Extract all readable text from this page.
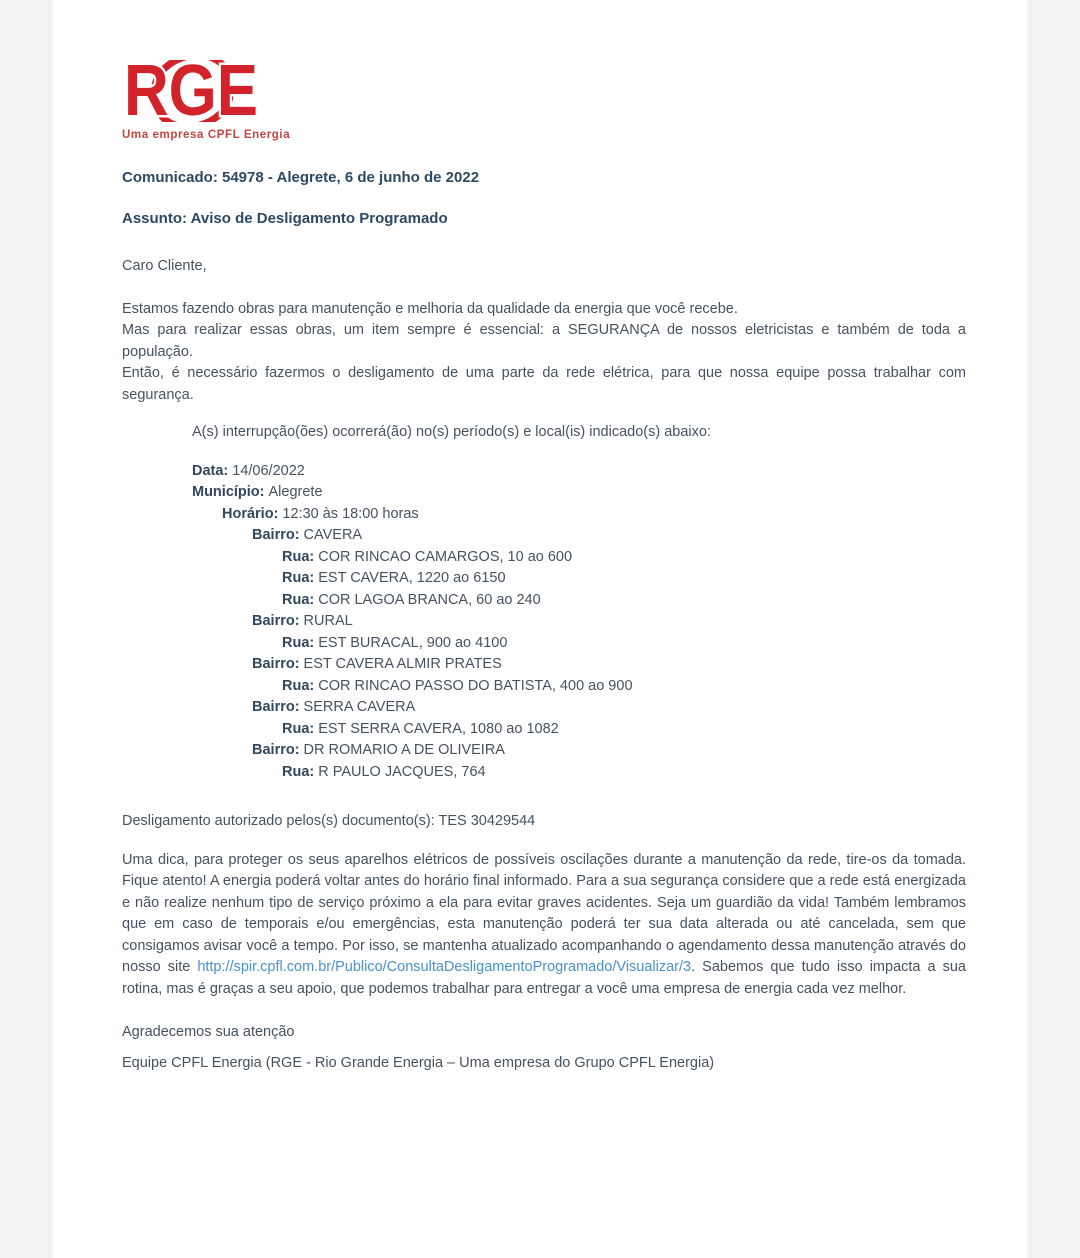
RGE
Uma empresa CPFL Energia

Comunicado: 54978 - Alegrete, 6 de junho de 2022

Assunto: Aviso de Desligamento Programado

Caro Cliente,

Estamos fazendo obras para manutenção e melhoria da qualidade da energia que você recebe.
Mas para realizar essas obras, um item sempre é essencial: a SEGURANÇA de nossos eletricistas e também de toda a população.
Então, é necessário fazermos o desligamento de uma parte da rede elétrica, para que nossa equipe possa trabalhar com segurança.

A(s) interrupção(ões) ocorrerá(ão) no(s) período(s) e local(is) indicado(s) abaixo:

Data: 14/06/2022
Município: Alegrete
Horário: 12:30 às 18:00 horas
Bairro: CAVERA
Rua: COR RINCAO CAMARGOS, 10 ao 600
Rua: EST CAVERA, 1220 ao 6150
Rua: COR LAGOA BRANCA, 60 ao 240
Bairro: RURAL
Rua: EST BURACAL, 900 ao 4100
Bairro: EST CAVERA ALMIR PRATES
Rua: COR RINCAO PASSO DO BATISTA, 400 ao 900
Bairro: SERRA CAVERA
Rua: EST SERRA CAVERA, 1080 ao 1082
Bairro: DR ROMARIO A DE OLIVEIRA
Rua: R PAULO JACQUES, 764

Desligamento autorizado pelos(s) documento(s): TES 30429544

Uma dica, para proteger os seus aparelhos elétricos de possíveis oscilações durante a manutenção da rede, tire-os da tomada. Fique atento! A energia poderá voltar antes do horário final informado. Para a sua segurança considere que a rede está energizada e não realize nenhum tipo de serviço próximo a ela para evitar graves acidentes. Seja um guardião da vida! Também lembramos que em caso de temporais e/ou emergências, esta manutenção poderá ter sua data alterada ou até cancelada, sem que consigamos avisar você a tempo. Por isso, se mantenha atualizado acompanhando o agendamento dessa manutenção através do nosso site http://spir.cpfl.com.br/Publico/ConsultaDesligamentoProgramado/Visualizar/3. Sabemos que tudo isso impacta a sua rotina, mas é graças a seu apoio, que podemos trabalhar para entregar a você uma empresa de energia cada vez melhor.

Agradecemos sua atenção

Equipe CPFL Energia (RGE - Rio Grande Energia – Uma empresa do Grupo CPFL Energia)
